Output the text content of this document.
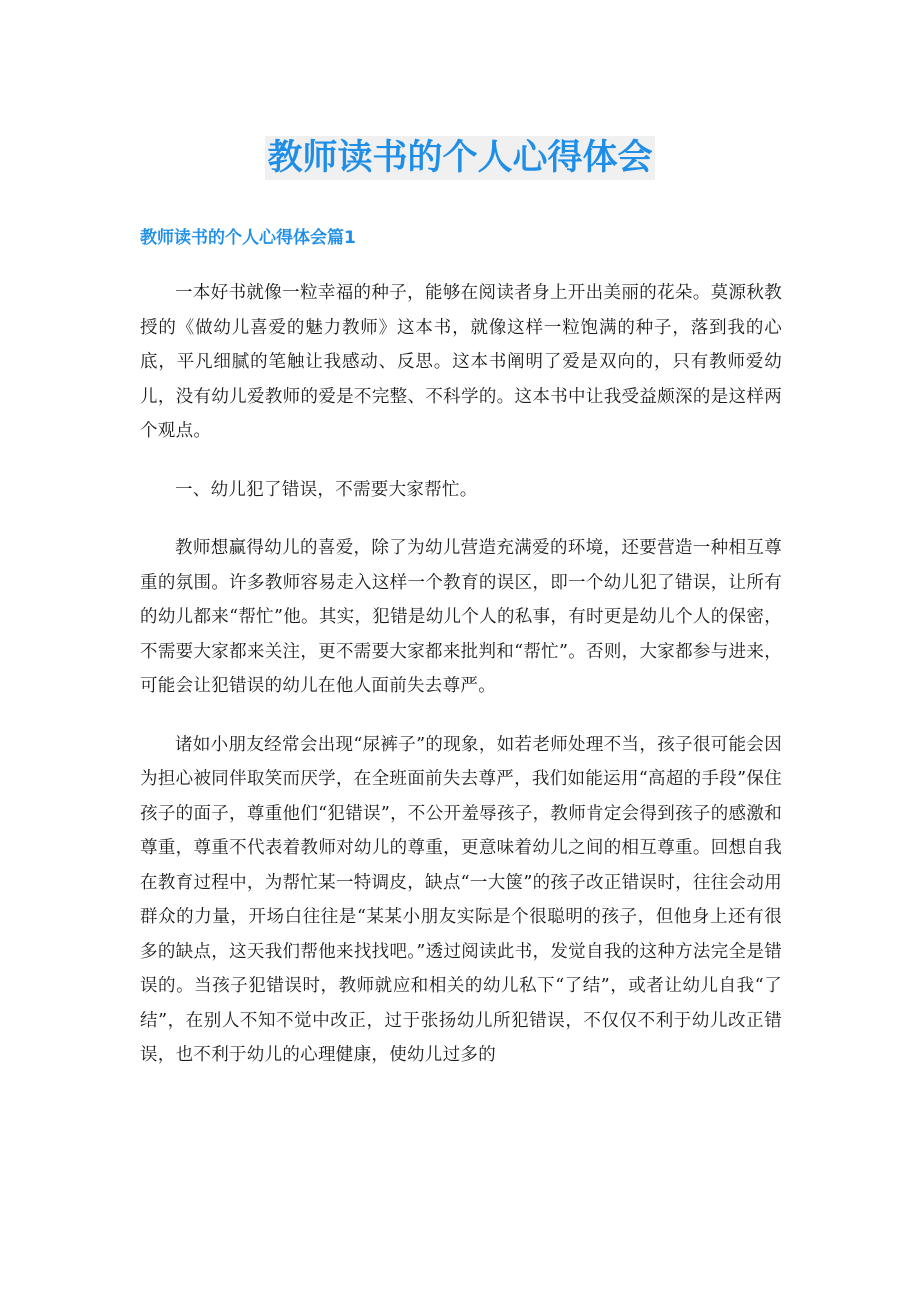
教师读书的个人心得体会
教师读书的个人心得体会篇1

一本好书就像一粒幸福的种子，能够在阅读者身上开出美丽的花朵。莫源秋教授的《做幼儿喜爱的魅力教师》这本书，就像这样一粒饱满的种子，落到我的心底，平凡细腻的笔触让我感动、反思。这本书阐明了爱是双向的，只有教师爱幼儿，没有幼儿爱教师的爱是不完整、不科学的。这本书中让我受益颇深的是这样两个观点。

一、幼儿犯了错误，不需要大家帮忙。

教师想赢得幼儿的喜爱，除了为幼儿营造充满爱的环境，还要营造一种相互尊重的氛围。许多教师容易走入这样一个教育的误区，即一个幼儿犯了错误，让所有的幼儿都来“帮忙”他。其实，犯错是幼儿个人的私事，有时更是幼儿个人的保密，不需要大家都来关注，更不需要大家都来批判和“帮忙”。否则，大家都参与进来，可能会让犯错误的幼儿在他人面前失去尊严。

诸如小朋友经常会出现“尿裤子”的现象，如若老师处理不当，孩子很可能会因为担心被同伴取笑而厌学，在全班面前失去尊严，我们如能运用“高超的手段”保住孩子的面子，尊重他们“犯错误”，不公开羞辱孩子，教师肯定会得到孩子的感激和尊重，尊重不代表着教师对幼儿的尊重，更意味着幼儿之间的相互尊重。回想自我在教育过程中，为帮忙某一特调皮，缺点“一大箧”的孩子改正错误时，往往会动用群众的力量，开场白往往是“某某小朋友实际是个很聪明的孩子，但他身上还有很多的缺点，这天我们帮他来找找吧。”透过阅读此书，发觉自我的这种方法完全是错误的。当孩子犯错误时，教师就应和相关的幼儿私下“了结”，或者让幼儿自我“了结”，在别人不知不觉中改正，过于张扬幼儿所犯错误，不仅仅不利于幼儿改正错误，也不利于幼儿的心理健康，使幼儿过多的
